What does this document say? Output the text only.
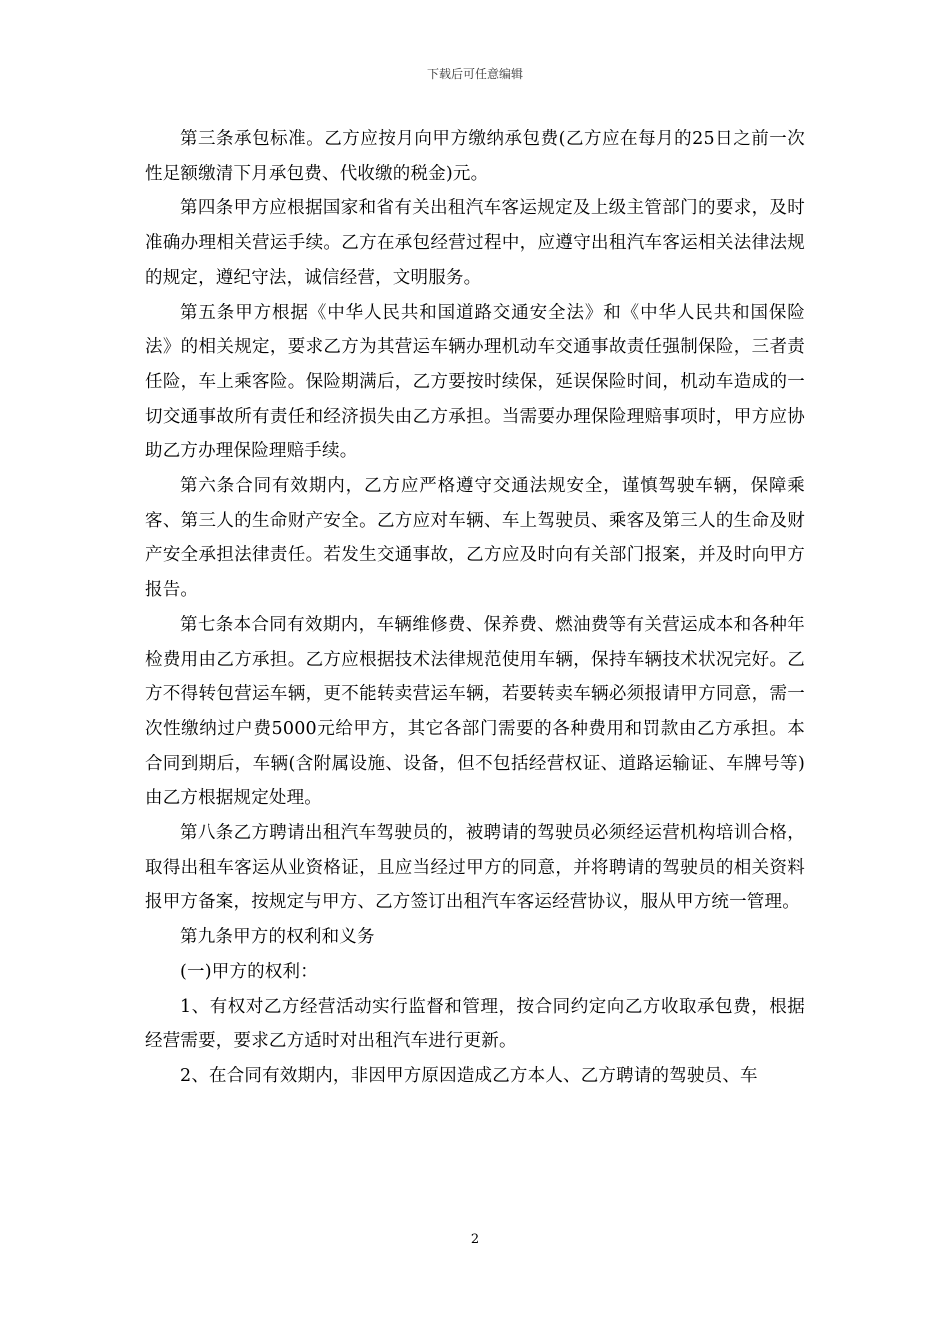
下载后可任意编辑

第三条承包标准。乙方应按月向甲方缴纳承包费(乙方应在每月的25日之前一次性足额缴清下月承包费、代收缴的税金)元。

第四条甲方应根据国家和省有关出租汽车客运规定及上级主管部门的要求，及时准确办理相关营运手续。乙方在承包经营过程中，应遵守出租汽车客运相关法律法规的规定，遵纪守法，诚信经营，文明服务。

第五条甲方根据《中华人民共和国道路交通安全法》和《中华人民共和国保险法》的相关规定，要求乙方为其营运车辆办理机动车交通事故责任强制保险，三者责任险，车上乘客险。保险期满后，乙方要按时续保，延误保险时间，机动车造成的一切交通事故所有责任和经济损失由乙方承担。当需要办理保险理赔事项时，甲方应协助乙方办理保险理赔手续。

第六条合同有效期内，乙方应严格遵守交通法规安全，谨慎驾驶车辆，保障乘客、第三人的生命财产安全。乙方应对车辆、车上驾驶员、乘客及第三人的生命及财产安全承担法律责任。若发生交通事故，乙方应及时向有关部门报案，并及时向甲方报告。

第七条本合同有效期内，车辆维修费、保养费、燃油费等有关营运成本和各种年检费用由乙方承担。乙方应根据技术法律规范使用车辆，保持车辆技术状况完好。乙方不得转包营运车辆，更不能转卖营运车辆，若要转卖车辆必须报请甲方同意，需一次性缴纳过户费5000元给甲方，其它各部门需要的各种费用和罚款由乙方承担。本合同到期后，车辆(含附属设施、设备，但不包括经营权证、道路运输证、车牌号等)由乙方根据规定处理。

第八条乙方聘请出租汽车驾驶员的，被聘请的驾驶员必须经运营机构培训合格，取得出租车客运从业资格证，且应当经过甲方的同意，并将聘请的驾驶员的相关资料报甲方备案，按规定与甲方、乙方签订出租汽车客运经营协议，服从甲方统一管理。

第九条甲方的权利和义务

(一)甲方的权利：

1、有权对乙方经营活动实行监督和管理，按合同约定向乙方收取承包费，根据经营需要，要求乙方适时对出租汽车进行更新。

2、在合同有效期内，非因甲方原因造成乙方本人、乙方聘请的驾驶员、车

2
